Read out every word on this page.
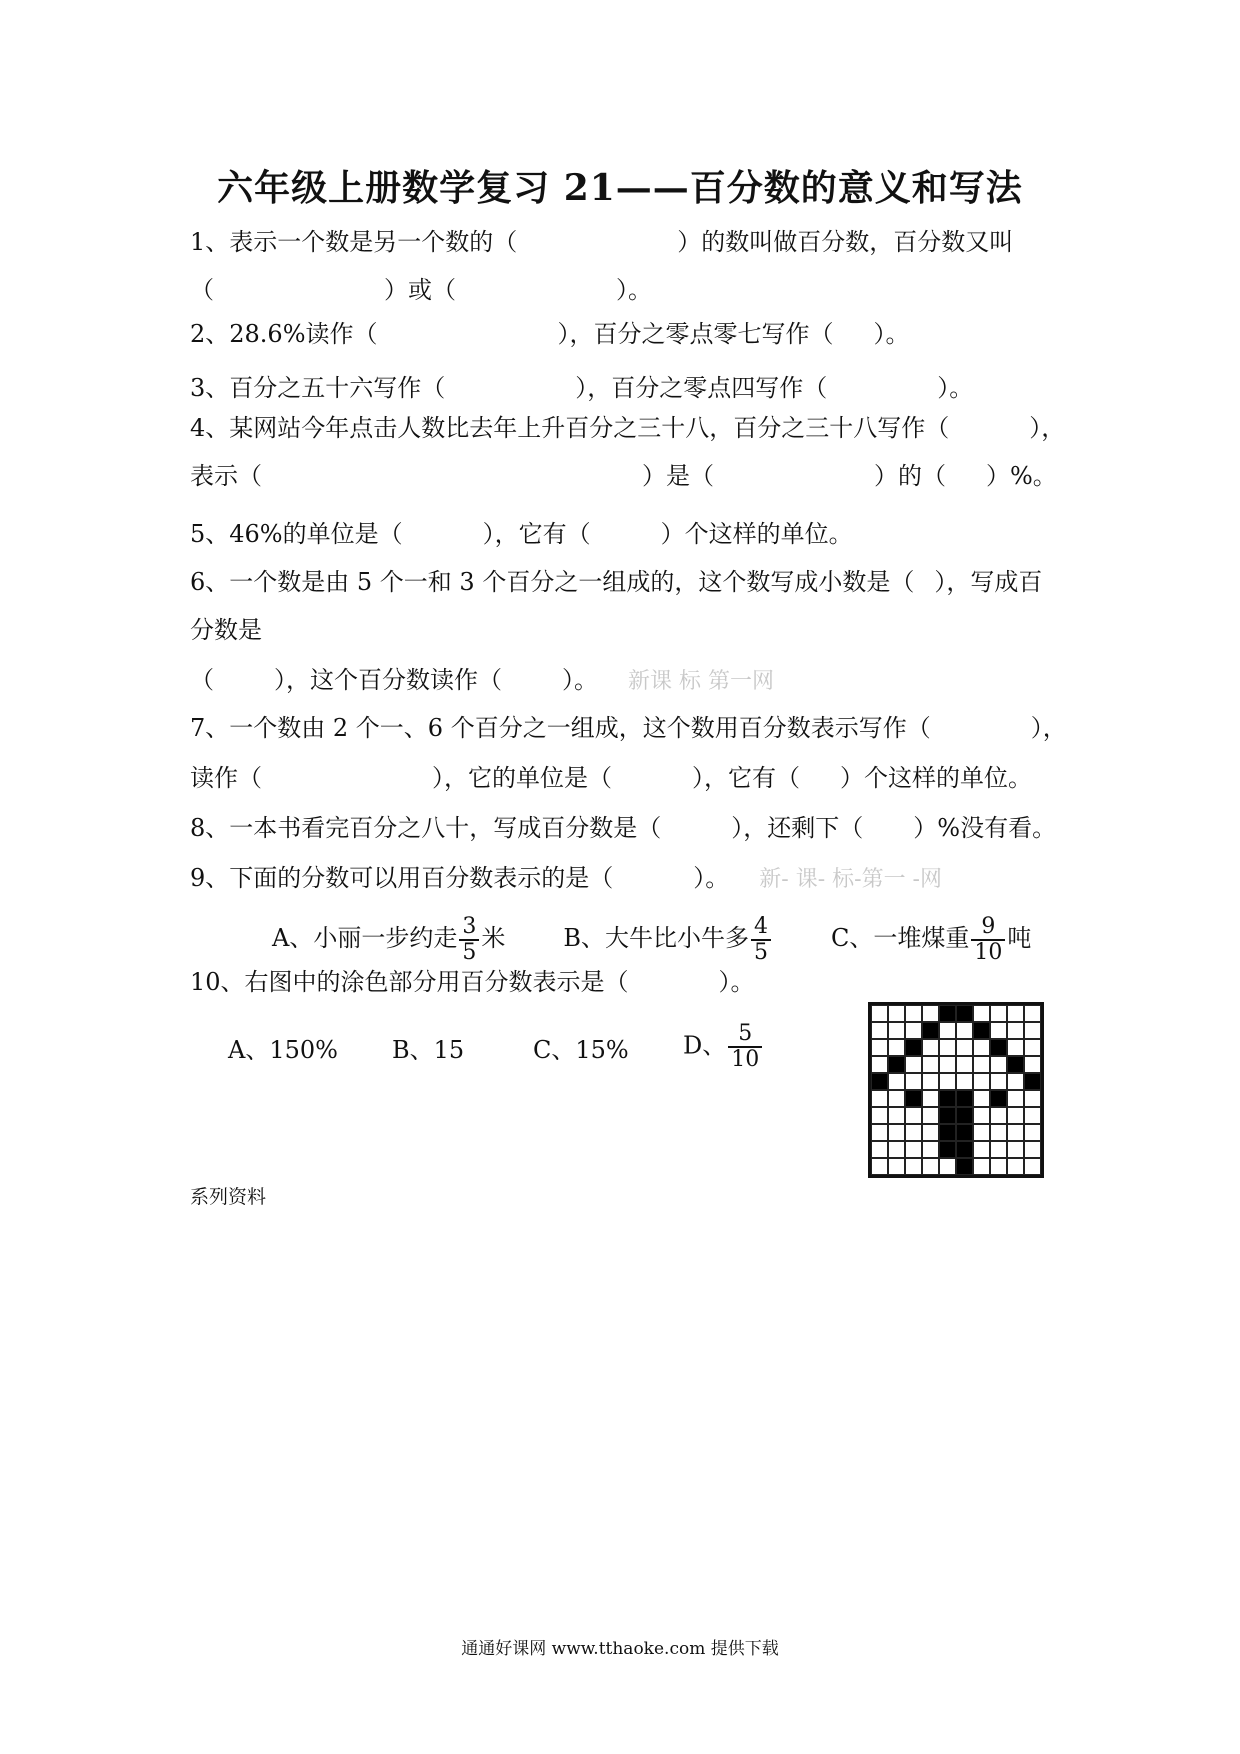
六年级上册数学复习 21——百分数的意义和写法
1、表示一个数是另一个数的（	）的数叫做百分数，百分数又叫
（	）或（	）。
2、28.6%读作（	），百分之零点零七写作（ ）。
3、百分之五十六写作（	），百分之零点四写作（	）。
4、某网站今年点击人数比去年上升百分之三十八，百分之三十八写作（	），
表示（	）是（	）的（ ）%。
5、46%的单位是（	），它有（	）个这样的单位。
6、一个数是由 5 个一和 3 个百分之一组成的，这个数写成小数是（ ），写成百
分数是
（	），这个百分数读作（	）。 新课 标 第一网
7、一个数由 2 个一、6 个百分之一组成，这个数用百分数表示写作（	），
读作（	），它的单位是（	），它有（ ）个这样的单位。
8、一本书看完百分之八十，写成百分数是（	），还剩下（ ）%没有看。
9、下面的分数可以用百分数表示的是（	）。 新- 课- 标-第一 -网
A、小丽一步约走 $\frac{3}{5}$ 米 B、大牛比小牛多 $\frac{4}{5}$	C、一堆煤重 $\frac{9}{10}$ 吨
10、右图中的涂色部分用百分数表示是（	）。
A、150% B、15	C、15% D、 $\frac{5}{10}$
系列资料
通通好课网 www.tthaoke.com 提供下载
